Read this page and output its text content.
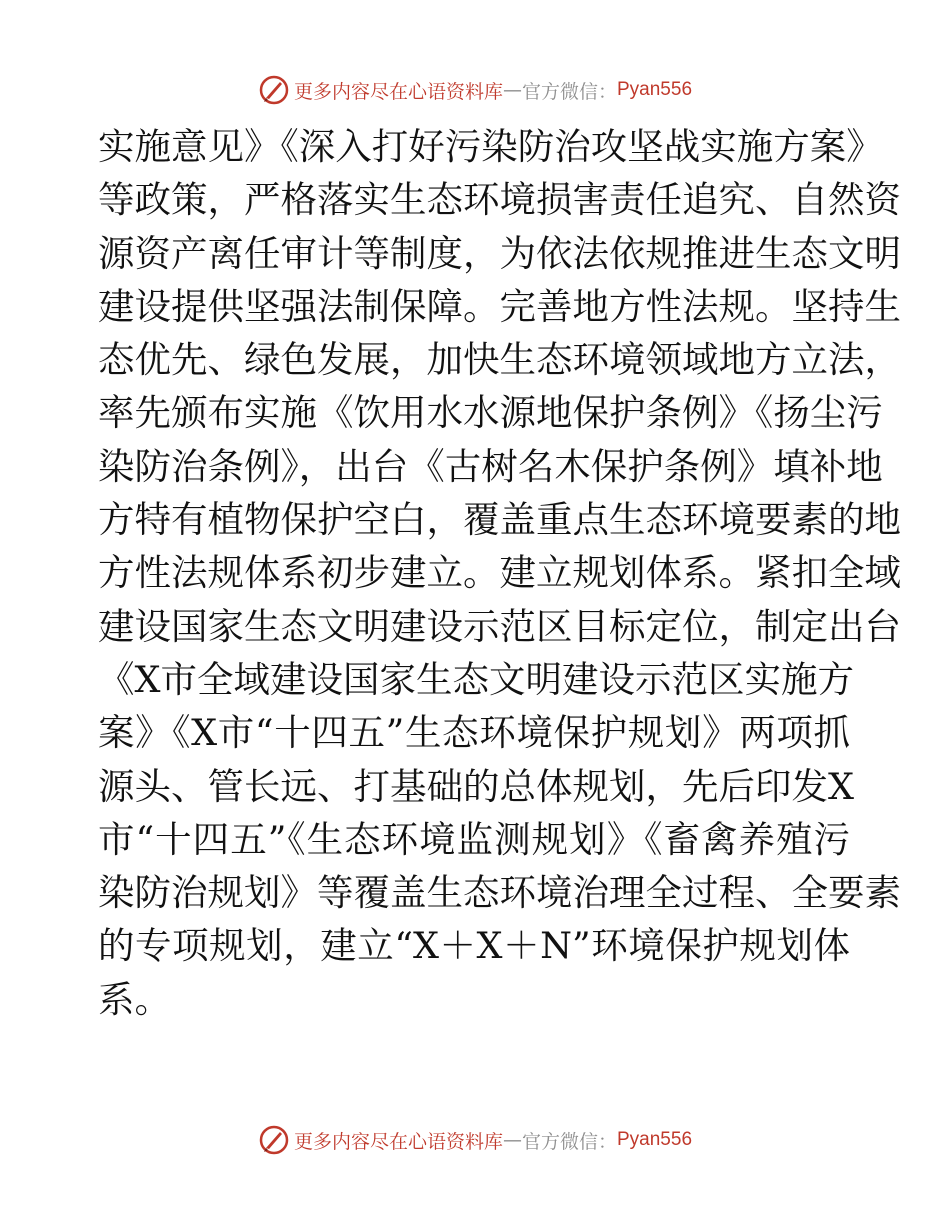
更多内容尽在心语资料库 — 官方微信： Pyan556
实施意见》《深入打好污染防治攻坚战实施方案》
等政策，严格落实生态环境损害责任追究、自然资
源资产离任审计等制度，为依法依规推进生态文明
建设提供坚强法制保障。完善地方性法规。坚持生
态优先、绿色发展，加快生态环境领域地方立法，
率先颁布实施《饮用水水源地保护条例》《扬尘污
染防治条例》，出台《古树名木保护条例》填补地
方特有植物保护空白，覆盖重点生态环境要素的地
方性法规体系初步建立。建立规划体系。紧扣全域
建设国家生态文明建设示范区目标定位，制定出台
《X市全域建设国家生态文明建设示范区实施方
案》《X市“十四五”生态环境保护规划》两项抓
源头、管长远、打基础的总体规划，先后印发X
市“十四五”《生态环境监测规划》《畜禽养殖污
染防治规划》等覆盖生态环境治理全过程、全要素
的专项规划，建立“X＋X＋N”环境保护规划体
系。
更多内容尽在心语资料库 — 官方微信： Pyan556
